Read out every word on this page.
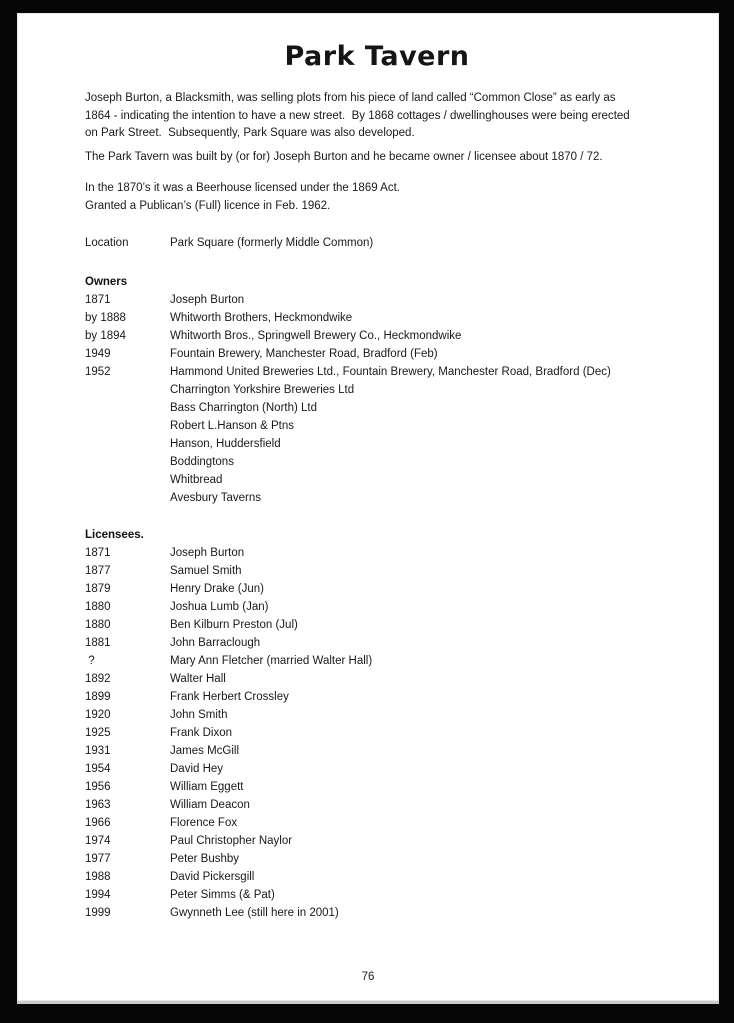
Park Tavern
Joseph Burton, a Blacksmith, was selling plots from his piece of land called “Common Close” as early as
1864 - indicating the intention to have a new street.  By 1868 cottages / dwellinghouses were being erected
on Park Street.  Subsequently, Park Square was also developed.
The Park Tavern was built by (or for) Joseph Burton and he became owner / licensee about 1870 / 72.
In the 1870’s it was a Beerhouse licensed under the 1869 Act.
Granted a Publican’s (Full) licence in Feb. 1962.
Location	Park Square (formerly Middle Common)
Owners
1871	Joseph Burton
by 1888	Whitworth Brothers, Heckmondwike
by 1894	Whitworth Bros., Springwell Brewery Co., Heckmondwike
1949	Fountain Brewery, Manchester Road, Bradford (Feb)
1952	Hammond United Breweries Ltd., Fountain Brewery, Manchester Road, Bradford (Dec)
Charrington Yorkshire Breweries Ltd
Bass Charrington (North) Ltd
Robert L.Hanson & Ptns
Hanson, Huddersfield
Boddingtons
Whitbread
Avesbury Taverns
Licensees.
1871	Joseph Burton
1877	Samuel Smith
1879	Henry Drake (Jun)
1880	Joshua Lumb (Jan)
1880	Ben Kilburn Preston (Jul)
1881	John Barraclough
?	Mary Ann Fletcher (married Walter Hall)
1892	Walter Hall
1899	Frank Herbert Crossley
1920	John Smith
1925	Frank Dixon
1931	James McGill
1954	David Hey
1956	William Eggett
1963	William Deacon
1966	Florence Fox
1974	Paul Christopher Naylor
1977	Peter Bushby
1988	David Pickersgill
1994	Peter Simms (& Pat)
1999	Gwynneth Lee (still here in 2001)
76
